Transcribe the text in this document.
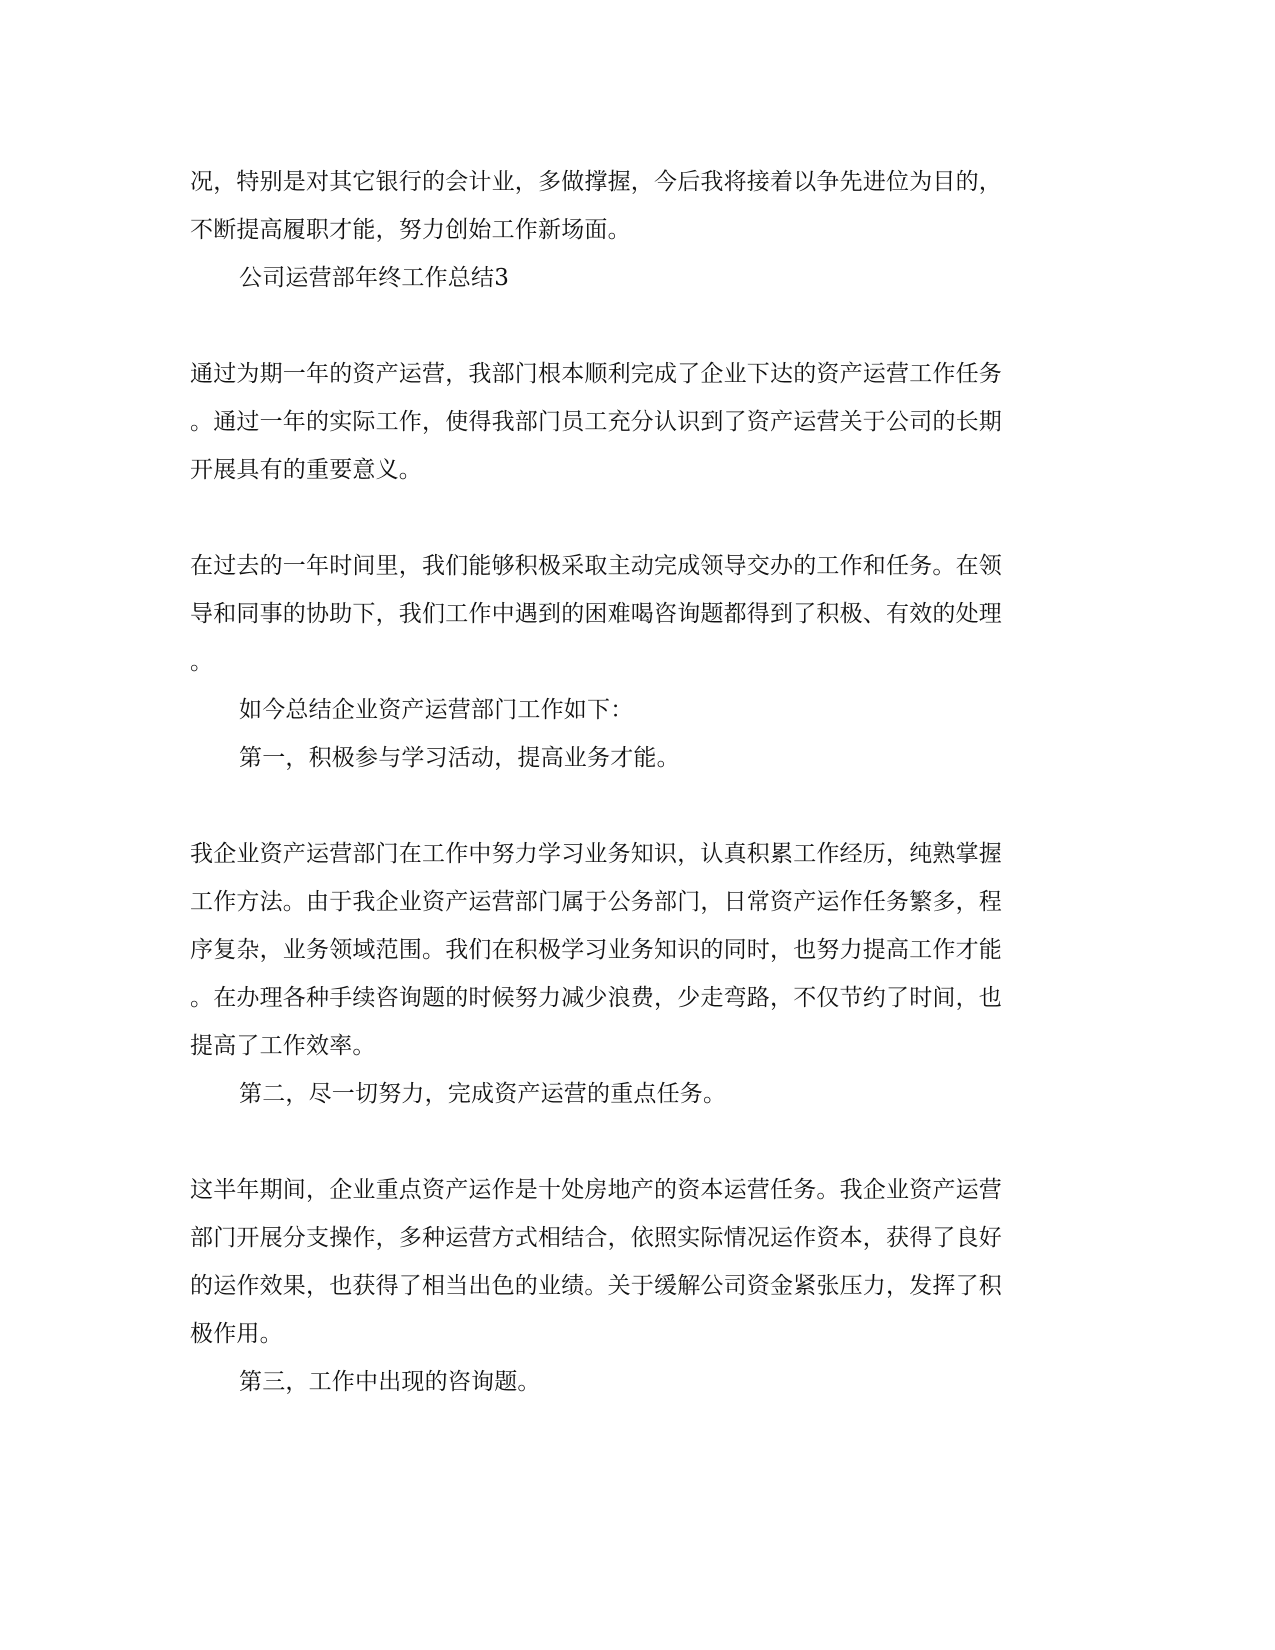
况，特别是对其它银行的会计业，多做撑握，今后我将接着以争先进位为目的，

不断提高履职才能，努力创始工作新场面。

公司运营部年终工作总结3

通过为期一年的资产运营，我部门根本顺利完成了企业下达的资产运营工作任务

。通过一年的实际工作，使得我部门员工充分认识到了资产运营关于公司的长期

开展具有的重要意义。

在过去的一年时间里，我们能够积极采取主动完成领导交办的工作和任务。在领

导和同事的协助下，我们工作中遇到的困难喝咨询题都得到了积极、有效的处理

。

如今总结企业资产运营部门工作如下：

第一，积极参与学习活动，提高业务才能。

我企业资产运营部门在工作中努力学习业务知识，认真积累工作经历，纯熟掌握

工作方法。由于我企业资产运营部门属于公务部门，日常资产运作任务繁多，程

序复杂，业务领域范围。我们在积极学习业务知识的同时，也努力提高工作才能

。在办理各种手续咨询题的时候努力减少浪费，少走弯路，不仅节约了时间，也

提高了工作效率。

第二，尽一切努力，完成资产运营的重点任务。

这半年期间，企业重点资产运作是十处房地产的资本运营任务。我企业资产运营

部门开展分支操作，多种运营方式相结合，依照实际情况运作资本，获得了良好

的运作效果，也获得了相当出色的业绩。关于缓解公司资金紧张压力，发挥了积

极作用。

第三，工作中出现的咨询题。
